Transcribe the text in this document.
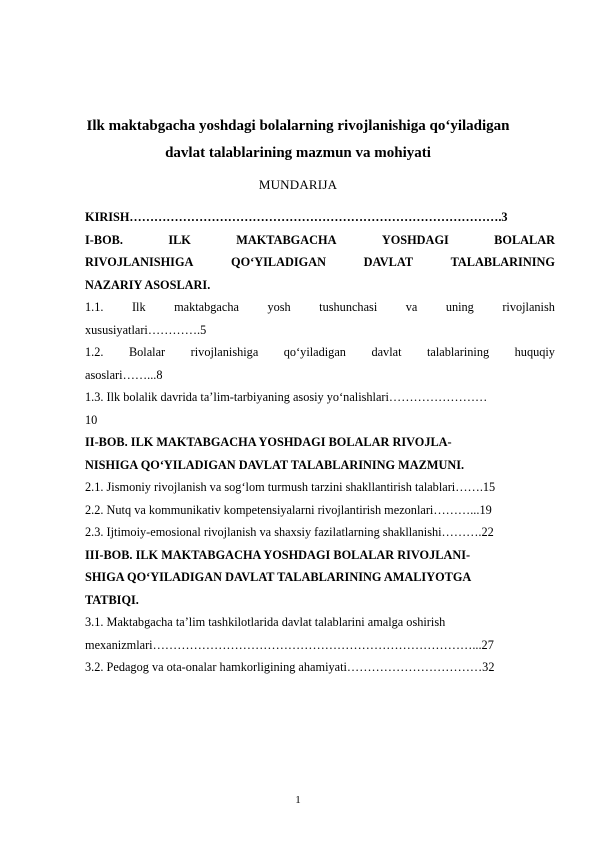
Ilk maktabgacha yoshdagi bolalarning rivojlanishiga qo‘yiladigan
davlat talablarining mazmun va mohiyati
MUNDARIJA
KIRISH……………………………………………………………………………….3
I-BOB.	ILK	MAKTABGACHA	YOSHDAGI	BOLALAR
RIVOJLANISHIGA	QO‘YILADIGAN	DAVLAT	TALABLARINING
NAZARIY ASOSLARI.
1.1. Ilk maktabgacha yosh tushunchasi va uning rivojlanish
xususiyatlari………….5
1.2. Bolalar rivojlanishiga qo‘yiladigan davlat talablarining huquqiy
asoslari……...8
1.3. Ilk bolalik davrida ta’lim-tarbiyaning asosiy yo‘nalishlari……………………
10
II-BOB. ILK MAKTABGACHA YOSHDAGI BOLALAR RIVOJLA-
NISHIGA QO‘YILADIGAN DAVLAT TALABLARINING MAZMUNI.
2.1. Jismoniy rivojlanish va sog‘lom turmush tarzini shakllantirish talablari…….15
2.2. Nutq va kommunikativ kompetensiyalarni rivojlantirish mezonlari………...19
2.3. Ijtimoiy-emosional rivojlanish va shaxsiy fazilatlarning shakllanishi……….22
III-BOB. ILK MAKTABGACHA YOSHDAGI BOLALAR RIVOJLANI-
SHIGA QO‘YILADIGAN DAVLAT TALABLARINING AMALIYOTGA
TATBIQI.
3.1. Maktabgacha ta’lim tashkilotlarida davlat talablarini amalga oshirish
mexanizmlari……………………………………………………………………...27
3.2. Pedagog va ota-onalar hamkorligining ahamiyati……………………………32
1
